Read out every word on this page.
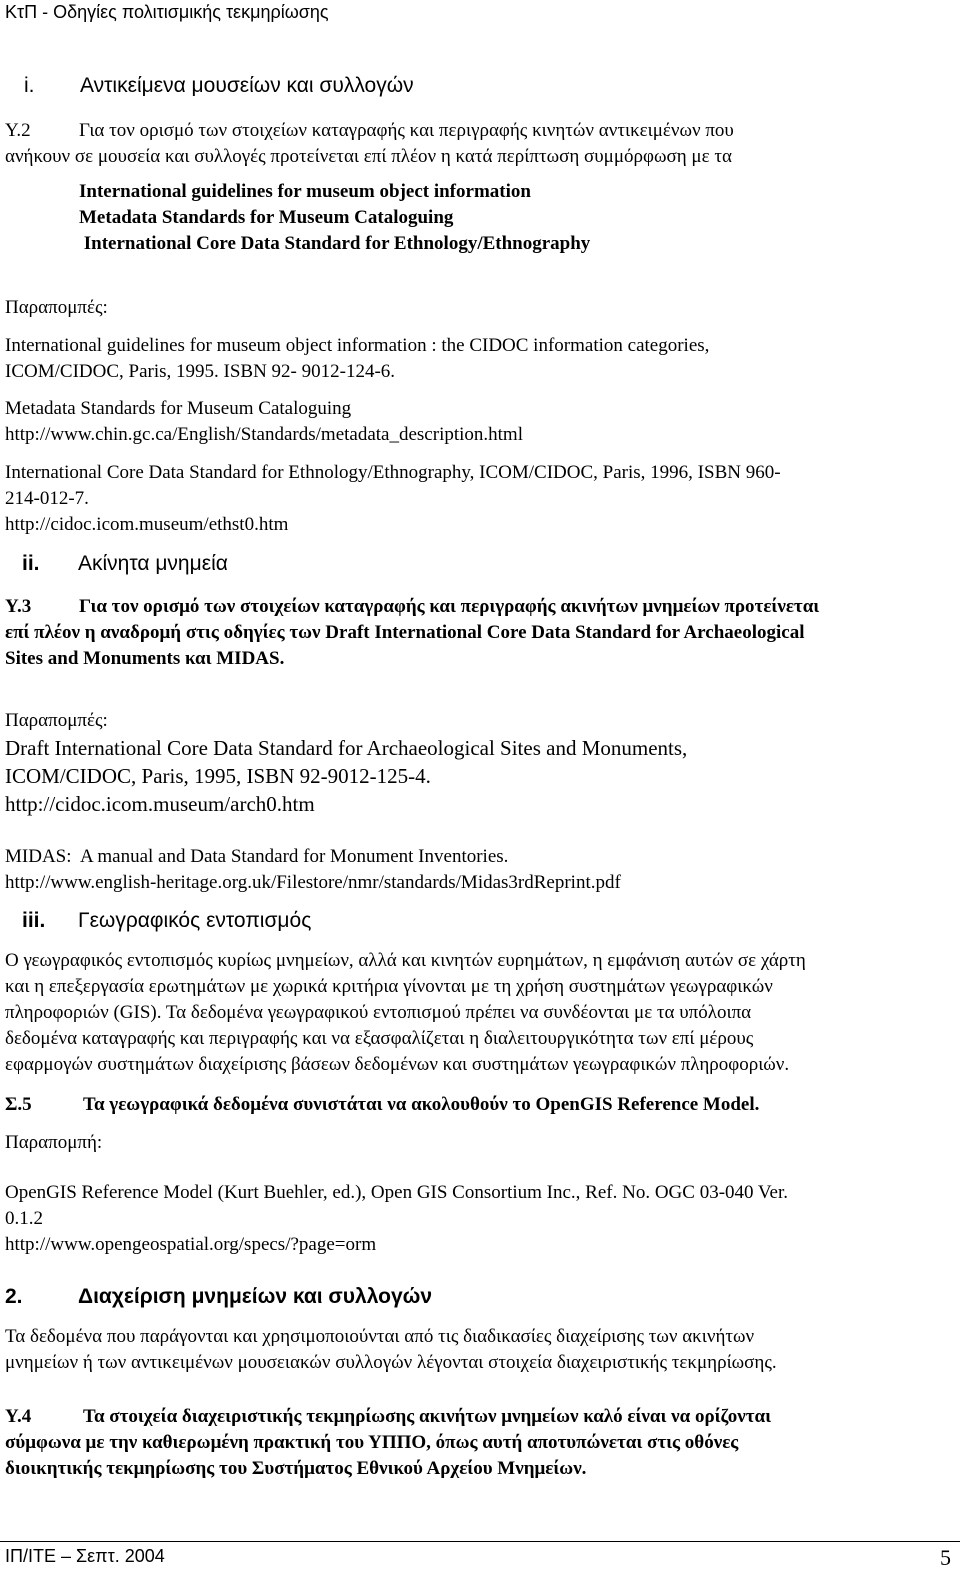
ΚτΠ - Οδηγίες πολιτισμικής τεκμηρίωσης
i. Αντικείμενα μουσείων και συλλογών
Υ.2	Για τον ορισμό των στοιχείων καταγραφής και περιγραφής κινητών αντικειμένων που
ανήκουν σε μουσεία και συλλογές προτείνεται επί πλέον η κατά περίπτωση συμμόρφωση με τα
International guidelines for museum object information
Metadata Standards for Museum Cataloguing
International Core Data Standard for Ethnology/Ethnography
Παραπομπές:
International guidelines for museum object information : the CIDOC information categories,
ICOM/CIDOC, Paris, 1995. ISBN 92- 9012-124-6.
Metadata Standards for Museum Cataloguing
http://www.chin.gc.ca/English/Standards/metadata_description.html
International Core Data Standard for Ethnology/Ethnography, ICOM/CIDOC, Paris, 1996, ISBN 960-
214-012-7.
http://cidoc.icom.museum/ethst0.htm
ii. Ακίνητα μνημεία
Υ.3	Για τον ορισμό των στοιχείων καταγραφής και περιγραφής ακινήτων μνημείων προτείνεται
επί πλέον η αναδρομή στις οδηγίες των Draft International Core Data Standard for Archaeological
Sites and Monuments και MIDAS.
Παραπομπές:
Draft International Core Data Standard for Archaeological Sites and Monuments,
ICOM/CIDOC, Paris, 1995, ISBN 92-9012-125-4.
http://cidoc.icom.museum/arch0.htm
MIDAS:  A manual and Data Standard for Monument Inventories.
http://www.english-heritage.org.uk/Filestore/nmr/standards/Midas3rdReprint.pdf
iii. Γεωγραφικός εντοπισμός
Ο γεωγραφικός εντοπισμός κυρίως μνημείων, αλλά και κινητών ευρημάτων, η εμφάνιση αυτών σε χάρτη
και η επεξεργασία ερωτημάτων με χωρικά κριτήρια γίνονται με τη χρήση συστημάτων γεωγραφικών
πληροφοριών (GIS). Τα δεδομένα γεωγραφικού εντοπισμού πρέπει να συνδέονται με τα υπόλοιπα
δεδομένα καταγραφής και περιγραφής και να εξασφαλίζεται η διαλειτουργικότητα των επί μέρους
εφαρμογών συστημάτων διαχείρισης βάσεων δεδομένων και συστημάτων γεωγραφικών πληροφοριών.
Σ.5	Τα γεωγραφικά δεδομένα συνιστάται να ακολουθούν το OpenGIS Reference Model.
Παραπομπή:
OpenGIS Reference Model (Kurt Buehler, ed.), Open GIS Consortium Inc., Ref. No. OGC 03-040 Ver.
0.1.2
http://www.opengeospatial.org/specs/?page=orm
2.	Διαχείριση μνημείων και συλλογών
Τα δεδομένα που παράγονται και χρησιμοποιούνται από τις διαδικασίες διαχείρισης των ακινήτων
μνημείων ή των αντικειμένων μουσειακών συλλογών λέγονται στοιχεία διαχειριστικής τεκμηρίωσης.
Υ.4	Τα στοιχεία διαχειριστικής τεκμηρίωσης ακινήτων μνημείων καλό είναι να ορίζονται
σύμφωνα με την καθιερωμένη πρακτική του ΥΠΠΟ, όπως αυτή αποτυπώνεται στις οθόνες
διοικητικής τεκμηρίωσης του Συστήματος Εθνικού Αρχείου Μνημείων.
ΙΠ/ΙΤΕ – Σεπτ. 2004	5
